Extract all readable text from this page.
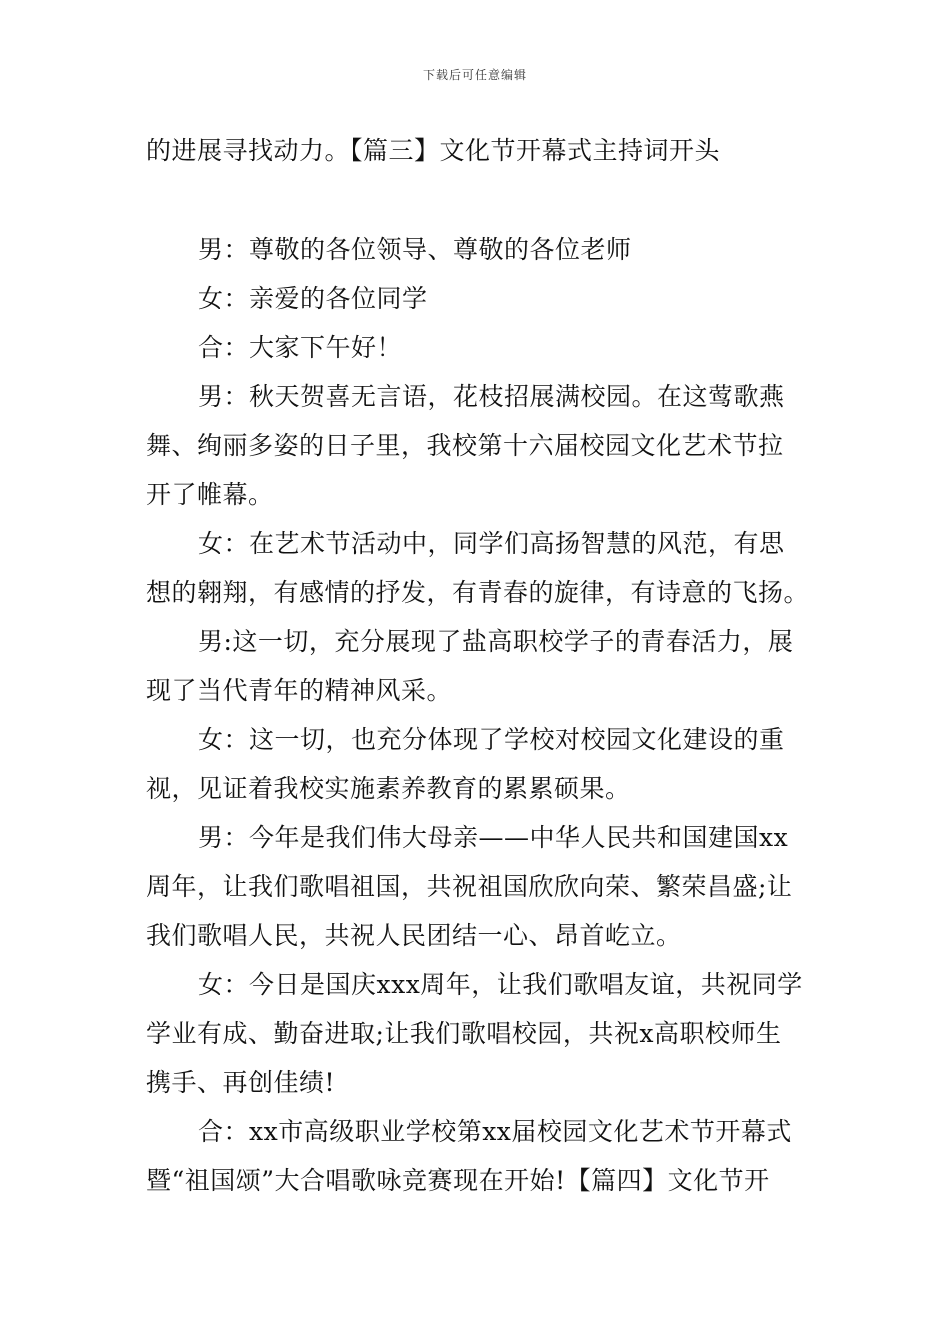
下载后可任意编辑
的进展寻找动力。【篇三】文化节开幕式主持词开头
男：尊敬的各位领导、尊敬的各位老师
女：亲爱的各位同学
合：大家下午好！
男：秋天贺喜无言语，花枝招展满校园。在这莺歌燕
舞、绚丽多姿的日子里，我校第十六届校园文化艺术节拉
开了帷幕。
女：在艺术节活动中，同学们高扬智慧的风范，有思
想的翱翔，有感情的抒发，有青春的旋律，有诗意的飞扬。
男:这一切，充分展现了盐高职校学子的青春活力，展
现了当代青年的精神风采。
女：这一切，也充分体现了学校对校园文化建设的重
视，见证着我校实施素养教育的累累硕果。
男：今年是我们伟大母亲——中华人民共和国建国xx
周年，让我们歌唱祖国，共祝祖国欣欣向荣、繁荣昌盛;让
我们歌唱人民，共祝人民团结一心、昂首屹立。
女：今日是国庆xxx周年，让我们歌唱友谊，共祝同学
学业有成、勤奋进取;让我们歌唱校园，共祝x高职校师生
携手、再创佳绩!
合：xx市高级职业学校第xx届校园文化艺术节开幕式
暨“祖国颂”大合唱歌咏竞赛现在开始!【篇四】文化节开
